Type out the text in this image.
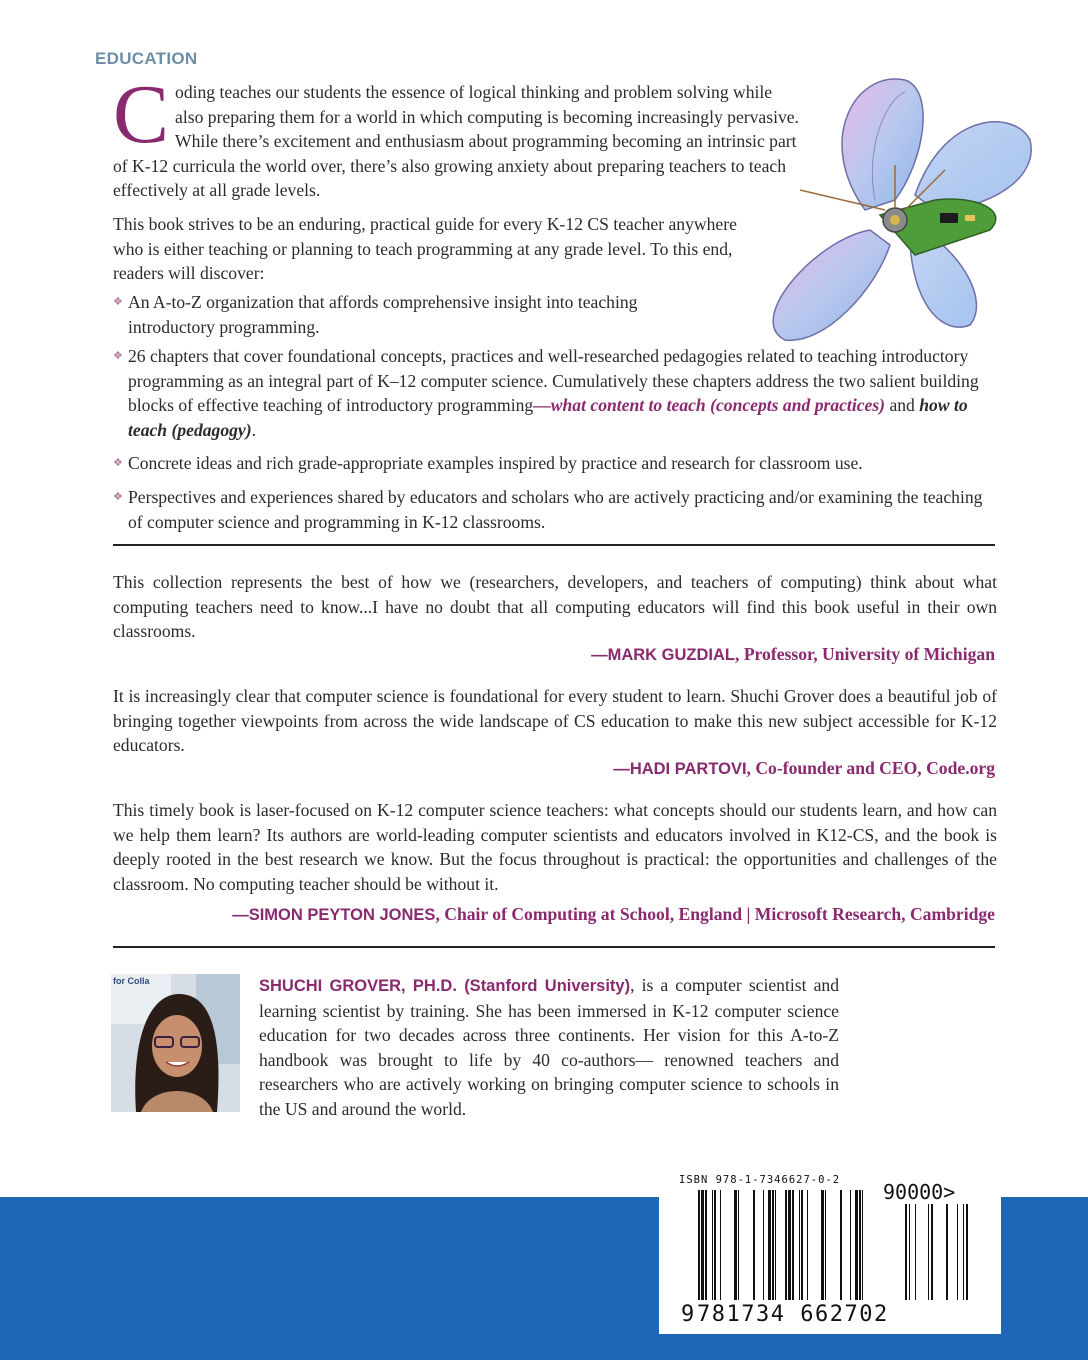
EDUCATION
Coding teaches our students the essence of logical thinking and problem solving while also preparing them for a world in which computing is becoming increasingly pervasive. While there’s excitement and enthusiasm about programming becoming an intrinsic part of K-12 curricula the world over, there’s also growing anxiety about preparing teachers to teach effectively at all grade levels.

This book strives to be an enduring, practical guide for every K-12 CS teacher anywhere who is either teaching or planning to teach programming at any grade level. To this end, readers will discover:

❖ An A-to-Z organization that affords comprehensive insight into teaching introductory programming.
❖ 26 chapters that cover foundational concepts, practices and well-researched pedagogies related to teaching introductory programming as an integral part of K–12 computer science. Cumulatively these chapters address the two salient building blocks of effective teaching of introductory programming—what content to teach (concepts and practices) and how to teach (pedagogy).
❖ Concrete ideas and rich grade-appropriate examples inspired by practice and research for classroom use.
❖ Perspectives and experiences shared by educators and scholars who are actively practicing and/or examining the teaching of computer science and programming in K-12 classrooms.

This collection represents the best of how we (researchers, developers, and teachers of computing) think about what computing teachers need to know...I have no doubt that all computing educators will find this book useful in their own classrooms.

—MARK GUZDIAL, Professor, University of Michigan

It is increasingly clear that computer science is foundational for every student to learn. Shuchi Grover does a beautiful job of bringing together viewpoints from across the wide landscape of CS education to make this new subject accessible for K-12 educators.

—HADI PARTOVI, Co-founder and CEO, Code.org

This timely book is laser-focused on K-12 computer science teachers: what concepts should our students learn, and how can we help them learn? Its authors are world-leading computer scientists and educators involved in K12-CS, and the book is deeply rooted in the best research we know. But the focus throughout is practical: the opportunities and challenges of the classroom. No computing teacher should be without it.

—SIMON PEYTON JONES, Chair of Computing at School, England | Microsoft Research, Cambridge

for Colla	SHUCHI GROVER, PH.D. (Stanford University), is a computer scientist and learning scientist by training. She has been immersed in K-12 computer science education for two decades across three continents. Her vision for this A-to-Z handbook was brought to life by 40 co-authors— renowned teachers and researchers who are actively working on bringing computer science to schools in the US and around the world.

ISBN 978-1-7346627-0-2 90000>
9 781734 662702
